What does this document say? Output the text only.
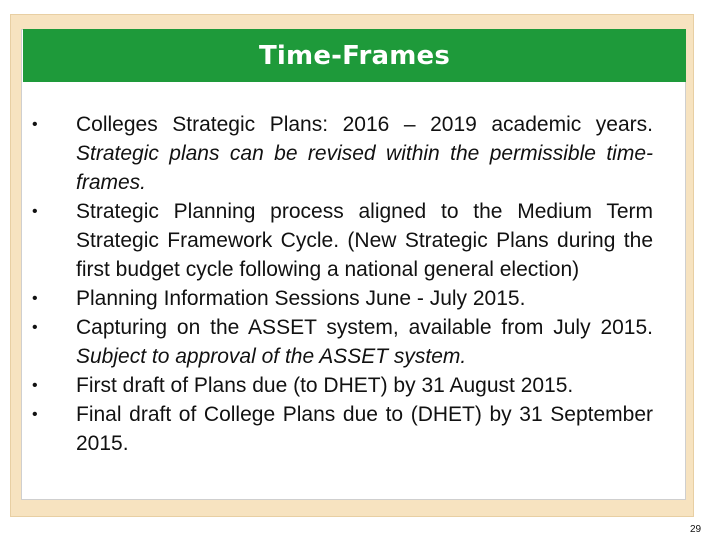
Time-Frames
•	Colleges Strategic Plans: 2016 – 2019 academic years. Strategic plans can be revised within the permissible time-frames.
•	Strategic Planning process aligned to the Medium Term Strategic Framework Cycle. (New Strategic Plans during the first budget cycle following a national general election)
•	Planning Information Sessions June - July 2015.
•	Capturing on the ASSET system, available from July 2015. Subject to approval of the ASSET system.
•	First draft of Plans due (to DHET) by 31 August 2015.
•	Final draft of College Plans due to (DHET) by 31 September 2015.
29
